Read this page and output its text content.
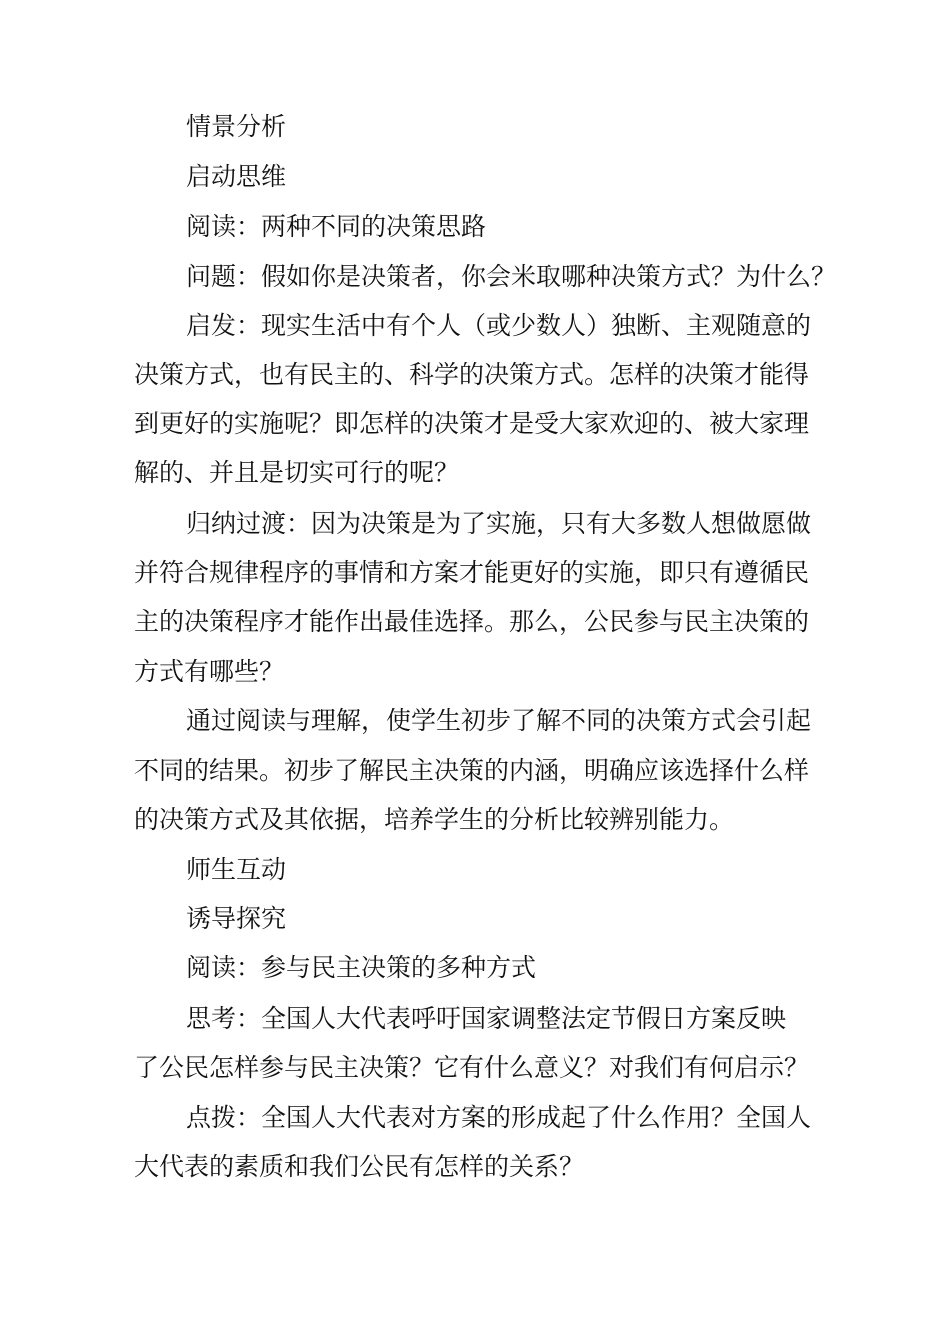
情景分析
启动思维
阅读：两种不同的决策思路
问题：假如你是决策者，你会米取哪种决策方式？为什么？
启发：现实生活中有个人（或少数人）独断、主观随意的
决策方式，也有民主的、科学的决策方式。怎样的决策才能得
到更好的实施呢？即怎样的决策才是受大家欢迎的、被大家理
解的、并且是切实可行的呢？
归纳过渡：因为决策是为了实施，只有大多数人想做愿做
并符合规律程序的事情和方案才能更好的实施，即只有遵循民
主的决策程序才能作出最佳选择。那么，公民参与民主决策的
方式有哪些？
通过阅读与理解，使学生初步了解不同的决策方式会引起
不同的结果。初步了解民主决策的内涵，明确应该选择什么样
的决策方式及其依据，培养学生的分析比较辨别能力。
师生互动
诱导探究
阅读：参与民主决策的多种方式
思考：全国人大代表呼吁国家调整法定节假日方案反映
了公民怎样参与民主决策？它有什么意义？对我们有何启示？
点拨：全国人大代表对方案的形成起了什么作用？全国人
大代表的素质和我们公民有怎样的关系？
